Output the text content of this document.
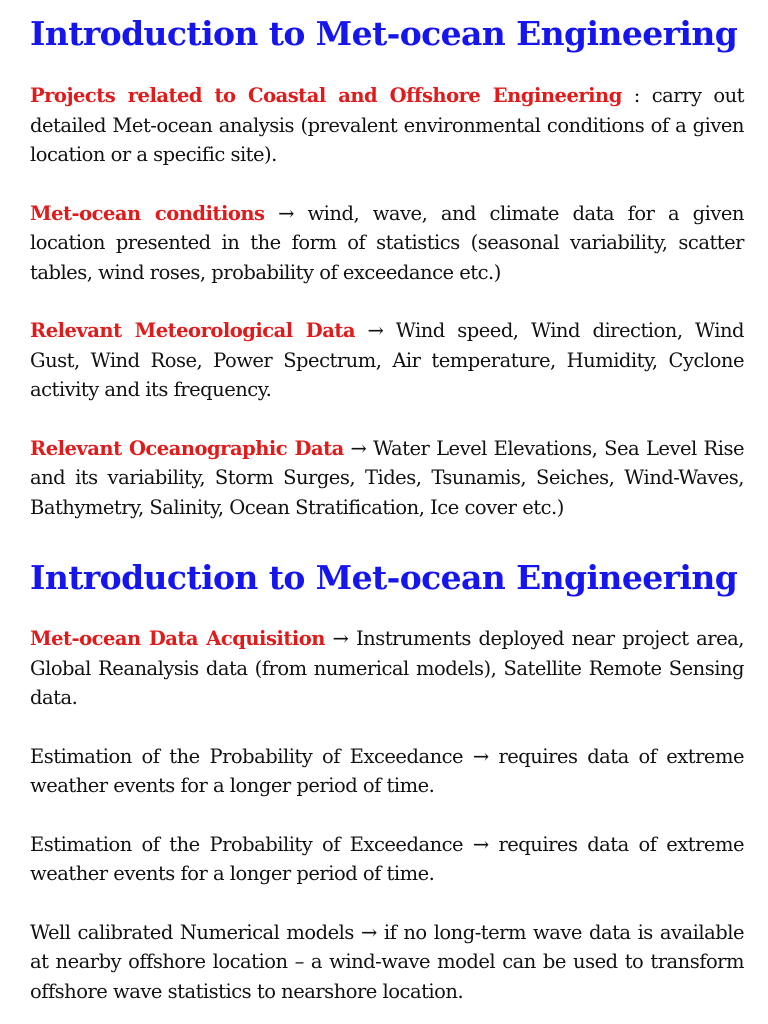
Introduction to Met-ocean Engineering

Projects related to Coastal and Offshore Engineering : carry out detailed Met-ocean analysis (prevalent environmental conditions of a given location or a specific site).

Met-ocean conditions → wind, wave, and climate data for a given location presented in the form of statistics (seasonal variability, scatter tables, wind roses, probability of exceedance etc.)

Relevant Meteorological Data → Wind speed, Wind direction, Wind Gust, Wind Rose, Power Spectrum, Air temperature, Humidity, Cyclone activity and its frequency.

Relevant Oceanographic Data → Water Level Elevations, Sea Level Rise and its variability, Storm Surges, Tides, Tsunamis, Seiches, Wind-Waves, Bathymetry, Salinity, Ocean Stratification, Ice cover etc.)

Introduction to Met-ocean Engineering

Met-ocean Data Acquisition → Instruments deployed near project area, Global Reanalysis data (from numerical models), Satellite Remote Sensing data.

Estimation of the Probability of Exceedance → requires data of extreme weather events for a longer period of time.

Estimation of the Probability of Exceedance → requires data of extreme weather events for a longer period of time.

Well calibrated Numerical models → if no long-term wave data is available at nearby offshore location – a wind-wave model can be used to transform offshore wave statistics to nearshore location.
